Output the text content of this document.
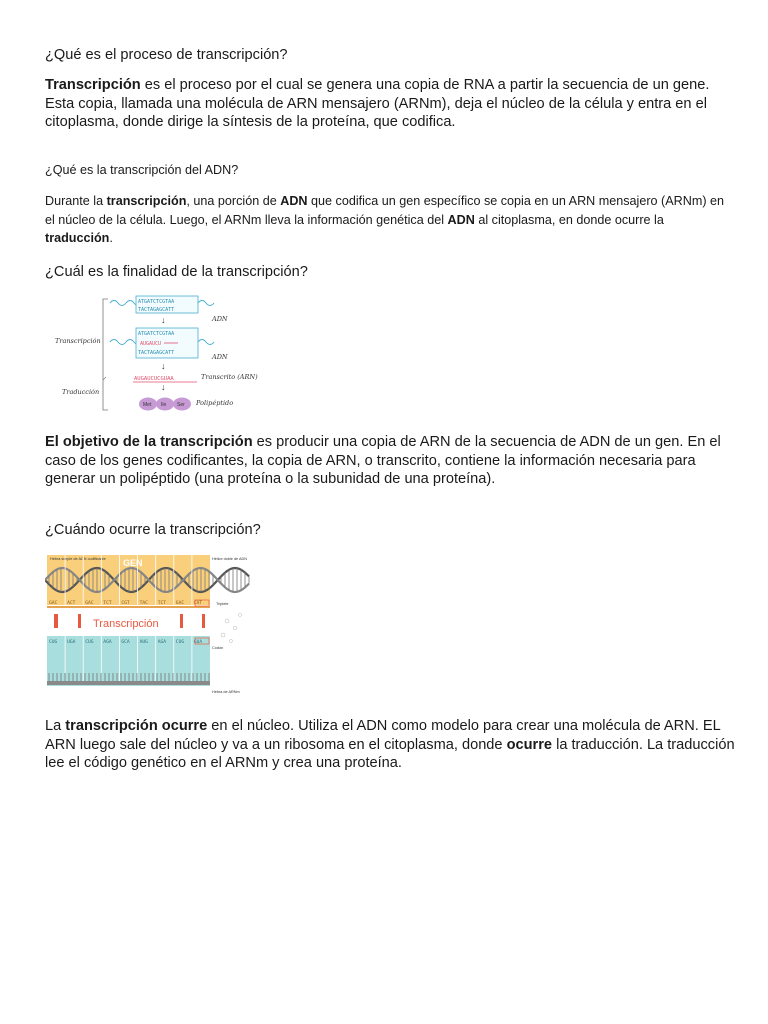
¿Qué es el proceso de transcripción?

Transcripción es el proceso por el cual se genera una copia de RNA a partir la secuencia de un gene. Esta copia, llamada una molécula de ARN mensajero (ARNm), deja el núcleo de la célula y entra en el citoplasma, donde dirige la síntesis de la proteína, que codifica.

¿Qué es la transcripción del ADN?

Durante la transcripción, una porción de ADN que codifica un gen específico se copia en un ARN mensajero (ARNm) en el núcleo de la célula. Luego, el ARNm lleva la información genética del ADN al citoplasma, en donde ocurre la traducción.

¿Cuál es la finalidad de la transcripción?
Transcripción
Traducción
ADN
ADN
Transcrito (ARN)
Polipéptido
ATGATCTCGTAA
TACTAGAGCATT
↓
ATGATCTCGTAA
AUGAUCU
TACTAGAGCATT
↓
AUGAUCUCGUAA
↓
Met Ile Ser

El objetivo de la transcripción es producir una copia de ARN de la secuencia de ADN de un gen. En el caso de los genes codificantes, la copia de ARN, o transcrito, contiene la información necesaria para generar un polipéptido (una proteína o la subunidad de una proteína).

¿Cuándo ocurre la transcripción?
GEN
Hebra simple de ADN codificante	Hélice doble de ADN
GAC ACT GAC TCT CGT TAC TCT GAC CAT	Triplete
Transcripción
CUG UGA CUG AGA GCA AUG AGA CUG GUA
Codón
Hebra de ARNm

La transcripción ocurre en el núcleo. Utiliza el ADN como modelo para crear una molécula de ARN. EL ARN luego sale del núcleo y va a un ribosoma en el citoplasma, donde ocurre la traducción. La traducción lee el código genético en el ARNm y crea una proteína.
